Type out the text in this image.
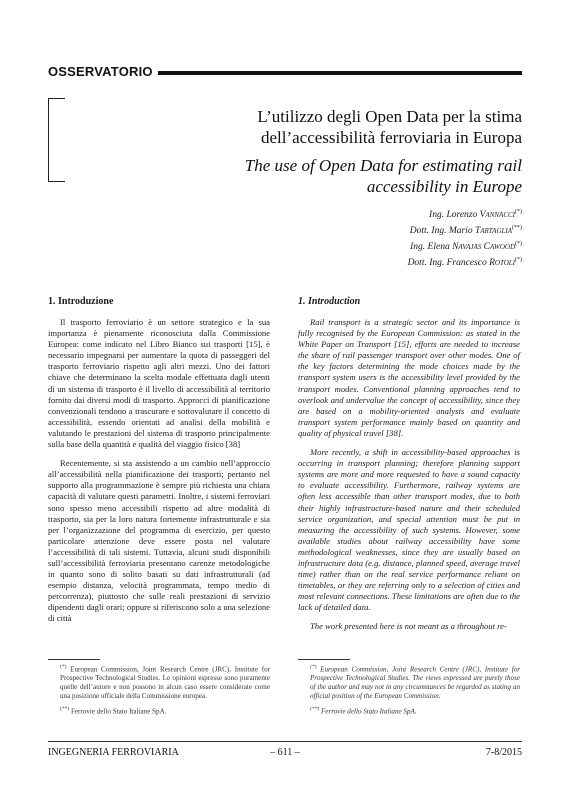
OSSERVATORIO
L’utilizzo degli Open Data per la stima dell’accessibilità ferroviaria in Europa
The use of Open Data for estimating rail accessibility in Europe
Ing. Lorenzo Vannacci(*)
Dott. Ing. Mario Tartaglia(**)
Ing. Elena Navajas Cawood(*)
Dott. Ing. Francesco Rotoli(*)
1. Introduzione

Il trasporto ferroviario è un settore strategico e la sua importanza è pienamente riconosciuta dalla Commissione Europea: come indicato nel Libro Bianco sui trasporti [15], è necessario impegnarsi per aumentare la quota di passeggeri del trasporto ferroviario rispetto agli altri mezzi. Uno dei fattori chiave che determinano la scelta modale effettuata dagli utenti di un sistema di trasporto è il livello di accessibilità al territorio fornito dai diversi modi di trasporto. Approcci di pianificazione convenzionali tendono a trascurare e sottovalutare il concetto di accessibilità, essendo orientati ad analisi della mobilità e valutando le prestazioni del sistema di trasporto principalmente sulla base della quantità e qualità del viaggio fisico [38]

Recentemente, si sta assistendo a un cambio nell’approccio all’accessibilità nella pianificazione dei trasporti; pertanto nel supporto alla programmazione è sempre più richiesta una chiara capacità di valutare questi parametri. Inoltre, i sistemi ferroviari sono spesso meno accessibili rispetto ad altre modalità di trasporto, sia per la loro natura fortemente infrastrutturale e sia per l’organizzazione del programma di esercizio, per questo particolare attenzione deve essere posta nel valutare l’accessibilità di tali sistemi. Tuttavia, alcuni studi disponibili sull’accessibilità ferroviaria presentano carenze metodologiche in quanto sono di solito basati su dati infrastrutturali (ad esempio distanza, velocità programmata, tempo medio di percorrenza), piuttosto che sulle reali prestazioni di servizio dipendenti dagli orari; oppure si riferiscono solo a una selezione di città

1. Introduction

Rail transport is a strategic sector and its importance is fully recognised by the European Commission: as stated in the White Paper on Transport [15], efforts are needed to increase the share of rail passenger transport over other modes. One of the key factors determining the mode choices made by the transport system users is the accessibility level provided by the transport modes. Conventional planning approaches tend to overlook and undervalue the concept of accessibility, since they are based on a mobility-oriented analysis and evaluate transport system performance mainly based on quantity and quality of physical travel [38].

More recently, a shift in accessibility-based approaches is occurring in transport planning; therefore planning support systems are more and more requested to have a sound capacity to evaluate accessibility. Furthermore, railway systems are often less accessible than other transport modes, due to both their highly infrastructure-based nature and their scheduled service organization, and special attention must be put in measuring the accessibility of such systems. However, some available studies about railway accessibility have some methodological weaknesses, since they are usually based on infrastructure data (e.g. distance, planned speed, average travel time) rather than on the real service performance reliant on timetables, or they are referring only to a selection of cities and most relevant connections. These limitations are often due to the lack of detailed data.

The work presented here is not meant as a throughout re-

(*) European Commission, Joint Research Centre (JRC), Institute for Prospective Technological Studies. Le opinioni espresse sono puramente quelle dell’autore e non possono in alcun caso essere considerate come una posizione ufficiale della Commissione europea.

(**) Ferrovie dello Stato Italiane SpA.

(*) European Commission, Joint Research Centre (JRC), Institute for Prospective Technological Studies. The views expressed are purely those of the author and may not in any circumstances be regarded as stating an official position of the European Commission.

(**) Ferrovie dello Stato Italiane SpA.

INGEGNERIA FERROVIARIA	– 611 –	7-8/2015
